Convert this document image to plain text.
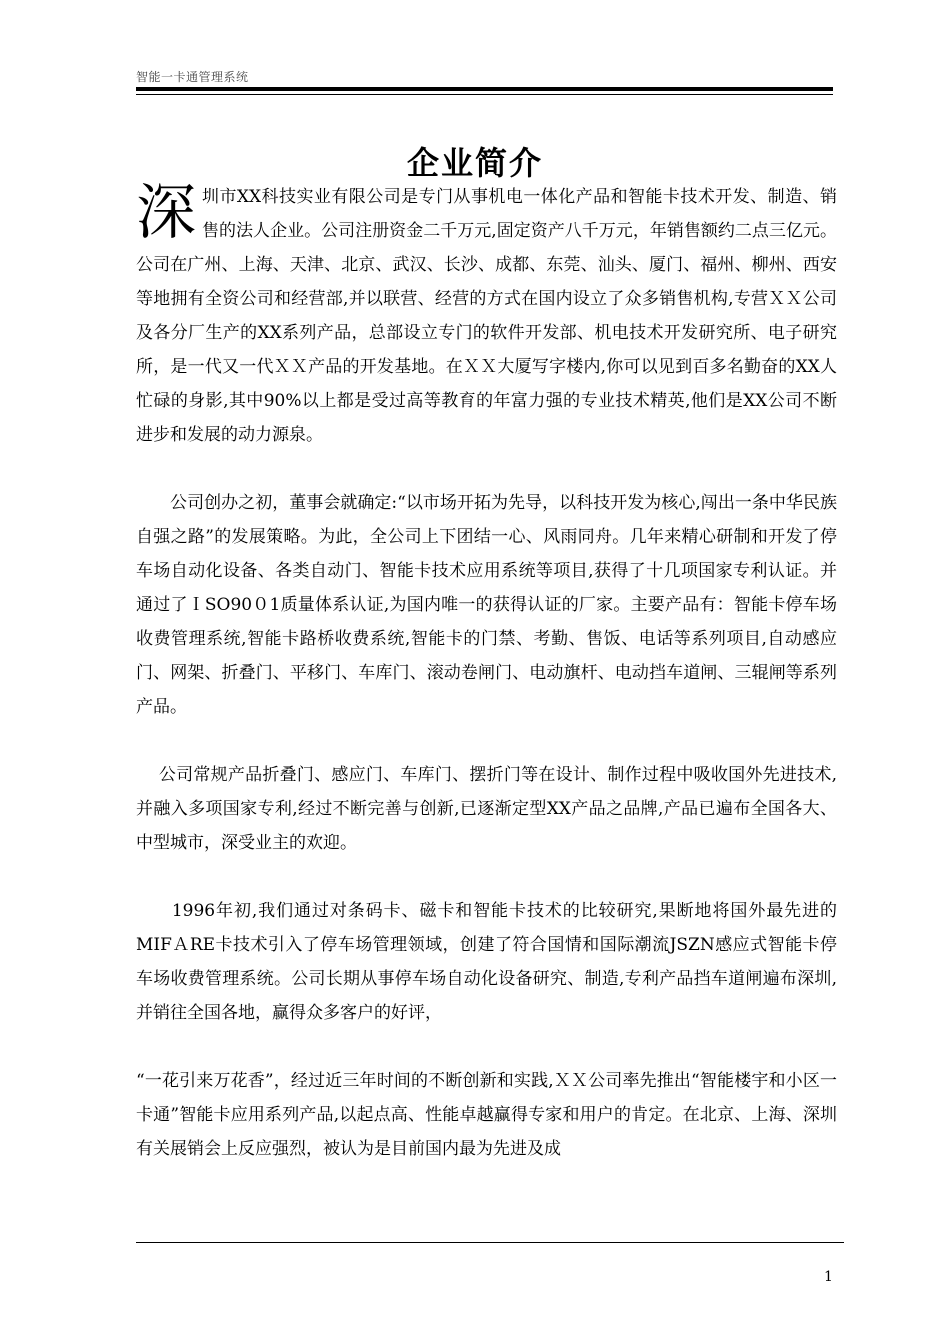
智能一卡通管理系统
企业简介

深圳市XX科技实业有限公司是专门从事机电一体化产品和智能卡技术开发、制造、销售的法人企业。公司注册资金二千万元,固定资产八千万元，年销售额约二点三亿元。公司在广州、上海、天津、北京、武汉、长沙、成都、东莞、汕头、厦门、福州、柳州、西安等地拥有全资公司和经营部,并以联营、经营的方式在国内设立了众多销售机构,专营ＸＸ公司及各分厂生产的XX系列产品，总部设立专门的软件开发部、机电技术开发研究所、电子研究所，是一代又一代ＸＸ产品的开发基地。在ＸＸ大厦写字楼内,你可以见到百多名勤奋的XX人忙碌的身影,其中90%以上都是受过高等教育的年富力强的专业技术精英,他们是XX公司不断进步和发展的动力源泉。

　　公司创办之初，董事会就确定:“以市场开拓为先导，以科技开发为核心,闯出一条中华民族自强之路”的发展策略。为此，全公司上下团结一心、风雨同舟。几年来精心研制和开发了停车场自动化设备、各类自动门、智能卡技术应用系统等项目,获得了十几项国家专利认证。并通过了ＩSO90０1质量体系认证,为国内唯一的获得认证的厂家。主要产品有：智能卡停车场收费管理系统,智能卡路桥收费系统,智能卡的门禁、考勤、售饭、电话等系列项目,自动感应门、网架、折叠门、平移门、车库门、滚动卷闸门、电动旗杆、电动挡车道闸、三辊闸等系列产品。

　 公司常规产品折叠门、感应门、车库门、摆折门等在设计、制作过程中吸收国外先进技术,并融入多项国家专利,经过不断完善与创新,已逐渐定型XX产品之品牌,产品已遍布全国各大、中型城市，深受业主的欢迎。

　　1996年初,我们通过对条码卡、磁卡和智能卡技术的比较研究,果断地将国外最先进的MIFＡRE卡技术引入了停车场管理领域，创建了符合国情和国际潮流JSZN感应式智能卡停车场收费管理系统。公司长期从事停车场自动化设备研究、制造,专利产品挡车道闸遍布深圳,并销往全国各地，赢得众多客户的好评，

“一花引来万花香”，经过近三年时间的不断创新和实践,ＸＸ公司率先推出“智能楼宇和小区一卡通”智能卡应用系列产品,以起点高、性能卓越赢得专家和用户的肯定。在北京、上海、深圳有关展销会上反应强烈，被认为是目前国内最为先进及成

1
